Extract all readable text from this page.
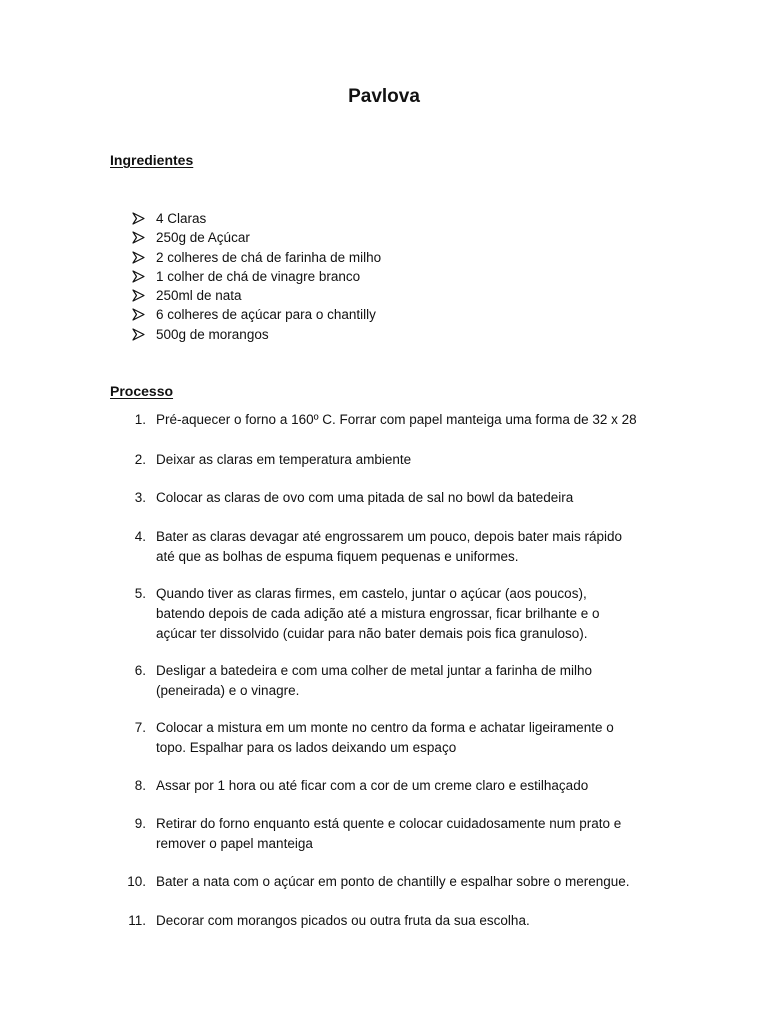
Pavlova
Ingredientes
4 Claras
250g de Açúcar
2 colheres de chá de farinha de milho
1 colher de chá de vinagre branco
250ml de nata
6 colheres de açúcar para o chantilly
500g de morangos
Processo
1. Pré-aquecer o forno a 160º C. Forrar com papel manteiga uma forma de 32 x 28
2. Deixar as claras em temperatura ambiente
3. Colocar as claras de ovo com uma pitada de sal no bowl da batedeira
4. Bater as claras devagar até engrossarem um pouco, depois bater mais rápido
até que as bolhas de espuma fiquem pequenas e uniformes.
5. Quando tiver as claras firmes, em castelo, juntar o açúcar (aos poucos),
batendo depois de cada adição até a mistura engrossar, ficar brilhante e o
açúcar ter dissolvido (cuidar para não bater demais pois fica granuloso).
6. Desligar a batedeira e com uma colher de metal juntar a farinha de milho
(peneirada) e o vinagre.
7. Colocar a mistura em um monte no centro da forma e achatar ligeiramente o
topo. Espalhar para os lados deixando um espaço
8. Assar por 1 hora ou até ficar com a cor de um creme claro e estilhaçado
9. Retirar do forno enquanto está quente e colocar cuidadosamente num prato e
remover o papel manteiga
10. Bater a nata com o açúcar em ponto de chantilly e espalhar sobre o merengue.
11. Decorar com morangos picados ou outra fruta da sua escolha.
